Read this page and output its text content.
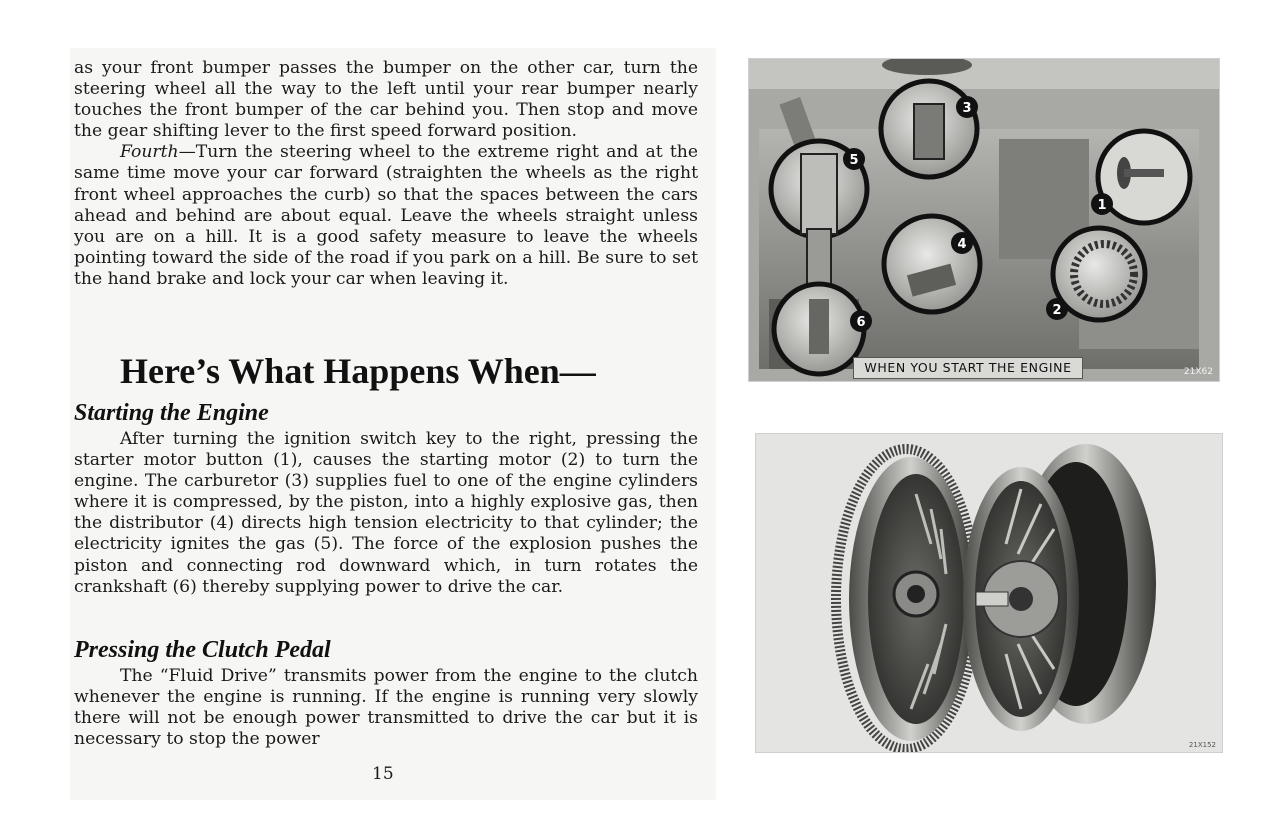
as your front bumper passes the bumper on the other car, turn the steering wheel all the way to the left until your rear bumper nearly touches the front bumper of the car behind you. Then stop and move the gear shifting lever to the first speed forward position.

Fourth—Turn the steering wheel to the extreme right and at the same time move your car forward (straighten the wheels as the right front wheel approaches the curb) so that the spaces between the cars ahead and behind are about equal. Leave the wheels straight unless you are on a hill. It is a good safety measure to leave the wheels pointing toward the side of the road if you park on a hill. Be sure to set the hand brake and lock your car when leaving it.

Here’s What Happens When—
Starting the Engine

After turning the ignition switch key to the right, pressing the starter motor button (1), causes the starting motor (2) to turn the engine. The carburetor (3) supplies fuel to one of the engine cylinders where it is compressed, by the piston, into a highly explosive gas, then the distributor (4) directs high tension electricity to that cylinder; the electricity ignites the gas (5). The force of the explosion pushes the piston and connecting rod downward which, in turn rotates the crankshaft (6) thereby supplying power to drive the car.

Pressing the Clutch Pedal

The “Fluid Drive” transmits power from the engine to the clutch whenever the engine is running. If the engine is running very slowly there will not be enough power transmitted to drive the car but it is necessary to stop the power

15
1
2
3
4
5
6
WHEN YOU START THE ENGINE	21X62
21X152
